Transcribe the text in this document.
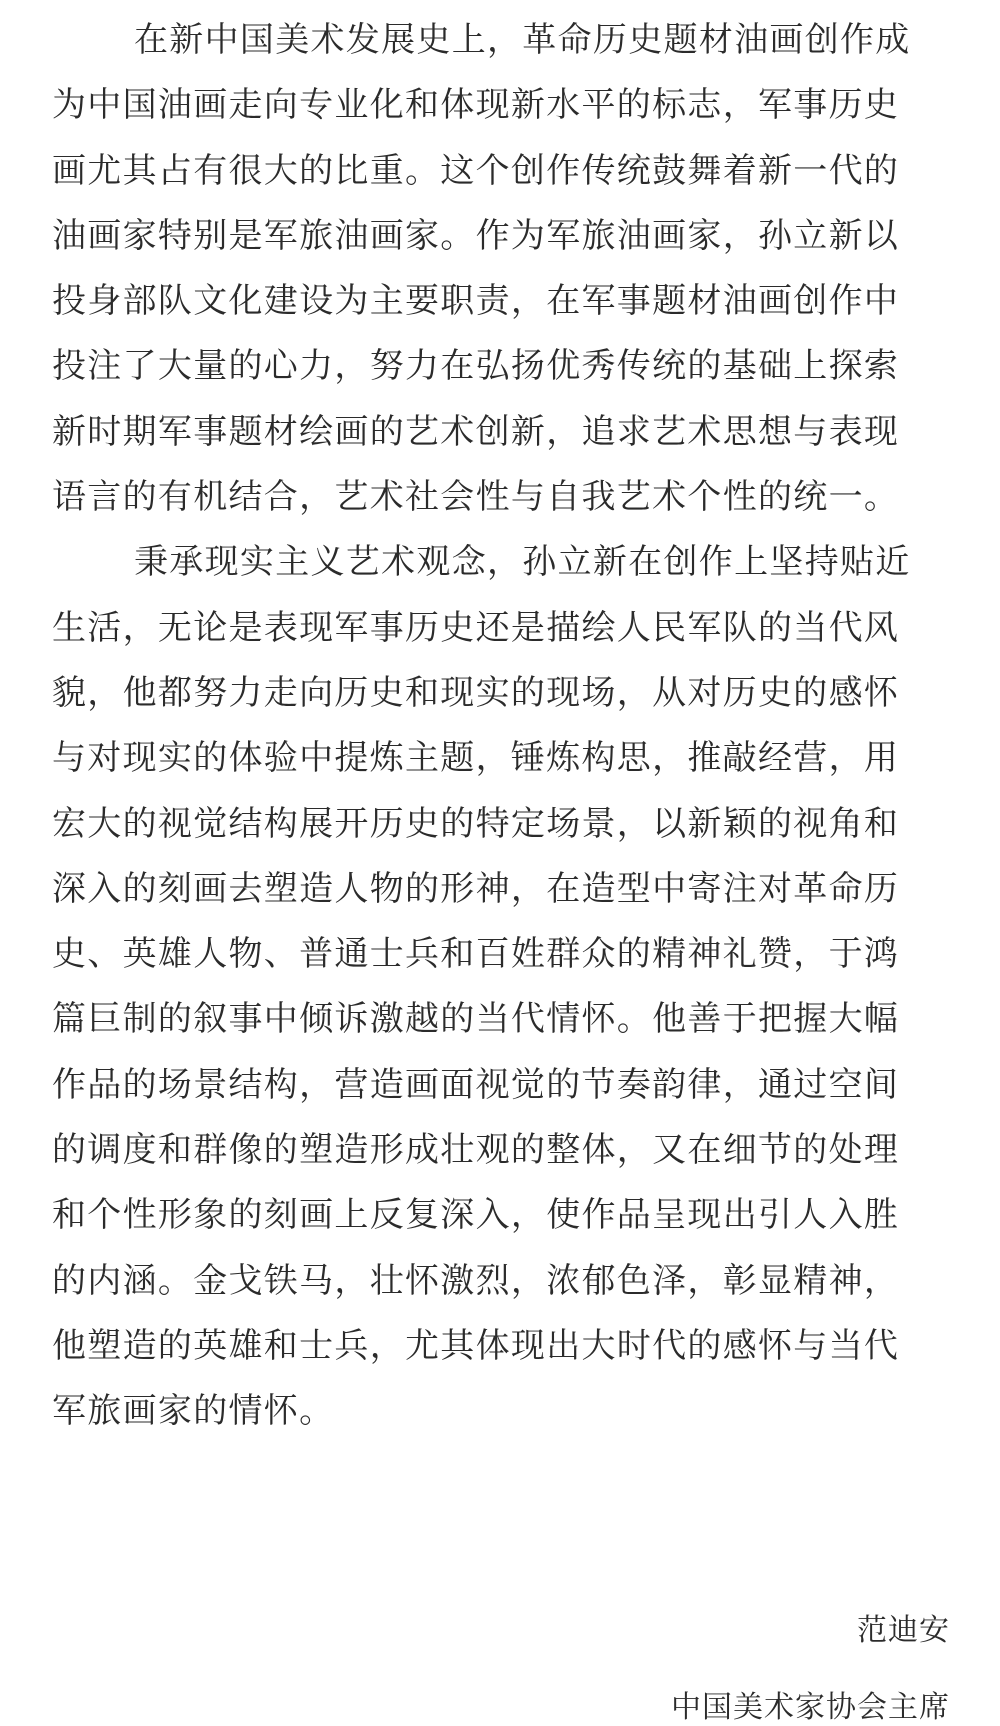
在新中国美术发展史上，革命历史题材油画创作成
为中国油画走向专业化和体现新水平的标志，军事历史
画尤其占有很大的比重。这个创作传统鼓舞着新一代的
油画家特别是军旅油画家。作为军旅油画家，孙立新以
投身部队文化建设为主要职责，在军事题材油画创作中
投注了大量的心力，努力在弘扬优秀传统的基础上探索
新时期军事题材绘画的艺术创新，追求艺术思想与表现
语言的有机结合，艺术社会性与自我艺术个性的统一。
秉承现实主义艺术观念，孙立新在创作上坚持贴近
生活，无论是表现军事历史还是描绘人民军队的当代风
貌，他都努力走向历史和现实的现场，从对历史的感怀
与对现实的体验中提炼主题，锤炼构思，推敲经营，用
宏大的视觉结构展开历史的特定场景，以新颖的视角和
深入的刻画去塑造人物的形神，在造型中寄注对革命历
史、英雄人物、普通士兵和百姓群众的精神礼赞，于鸿
篇巨制的叙事中倾诉激越的当代情怀。他善于把握大幅
作品的场景结构，营造画面视觉的节奏韵律，通过空间
的调度和群像的塑造形成壮观的整体，又在细节的处理
和个性形象的刻画上反复深入，使作品呈现出引人入胜
的内涵。金戈铁马，壮怀激烈，浓郁色泽，彰显精神，
他塑造的英雄和士兵，尤其体现出大时代的感怀与当代
军旅画家的情怀。
范迪安
中国美术家协会主席
